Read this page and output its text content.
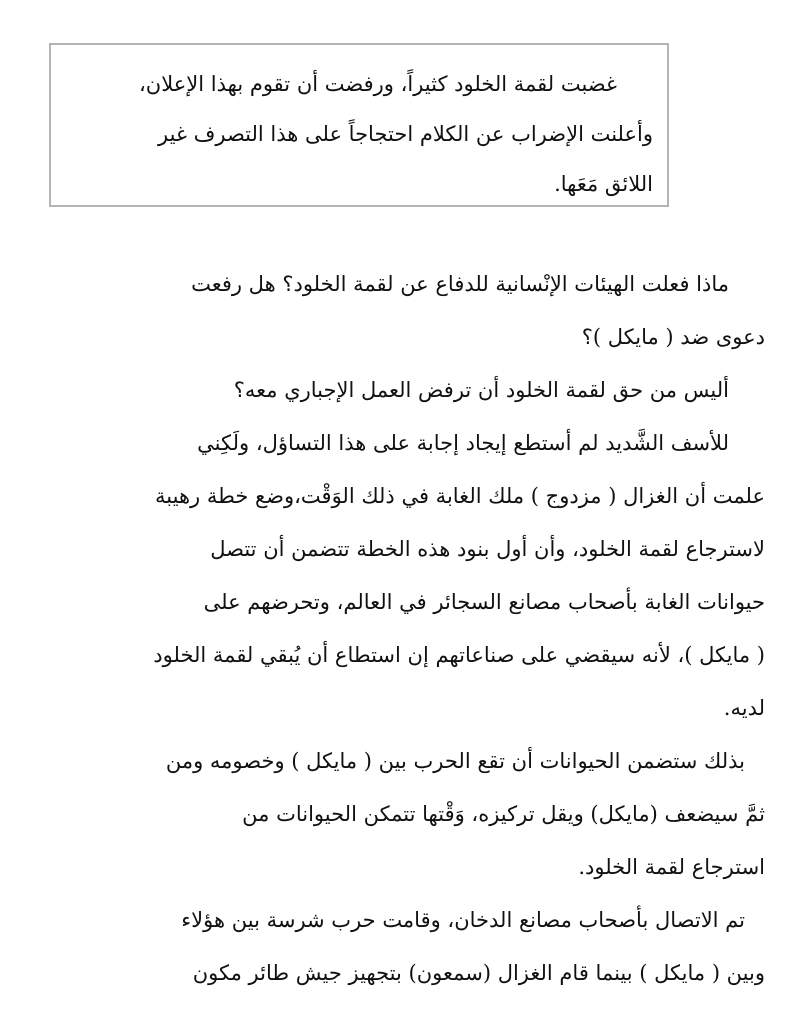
غضبت لقمة الخلود كثيراً، ورفضت أن تقوم بهذا الإعلان،

وأعلنت الإضراب عن الكلام احتجاجاً على هذا التصرف غير

اللائق مَعَها.

ماذا فعلت الهيئات الإنْسانية للدفاع عن لقمة الخلود؟ هل رفعت

دعوى ضد ( مايكل )؟

أليس من حق لقمة الخلود أن ترفض العمل الإجباري معه؟

للأسف الشَّديد لم أستطع إيجاد إجابة على هذا التساؤل، ولَكِني

علمت أن الغزال ( مزدوج ) ملك الغابة في ذلك الوَقْت،وضع خطة رهيبة

لاسترجاع لقمة الخلود، وأن أول بنود هذه الخطة تتضمن أن تتصل

حيوانات الغابة بأصحاب مصانع السجائر في العالم، وتحرضهم على

( مايكل )، لأنه سيقضي على صناعاتهم إن استطاع أن يُبقي لقمة الخلود

لديه.

بذلك ستضمن الحيوانات أن تقع الحرب بين ( مايكل ) وخصومه ومن

ثمَّ سيضعف (مايكل) ويقل تركيزه، وَقْتها تتمكن الحيوانات من

استرجاع لقمة الخلود.

تم الاتصال بأصحاب مصانع الدخان، وقامت حرب شرسة بين هؤلاء

وبين ( مايكل ) بينما قام الغزال (سمعون) بتجهيز جيش طائر مكون
